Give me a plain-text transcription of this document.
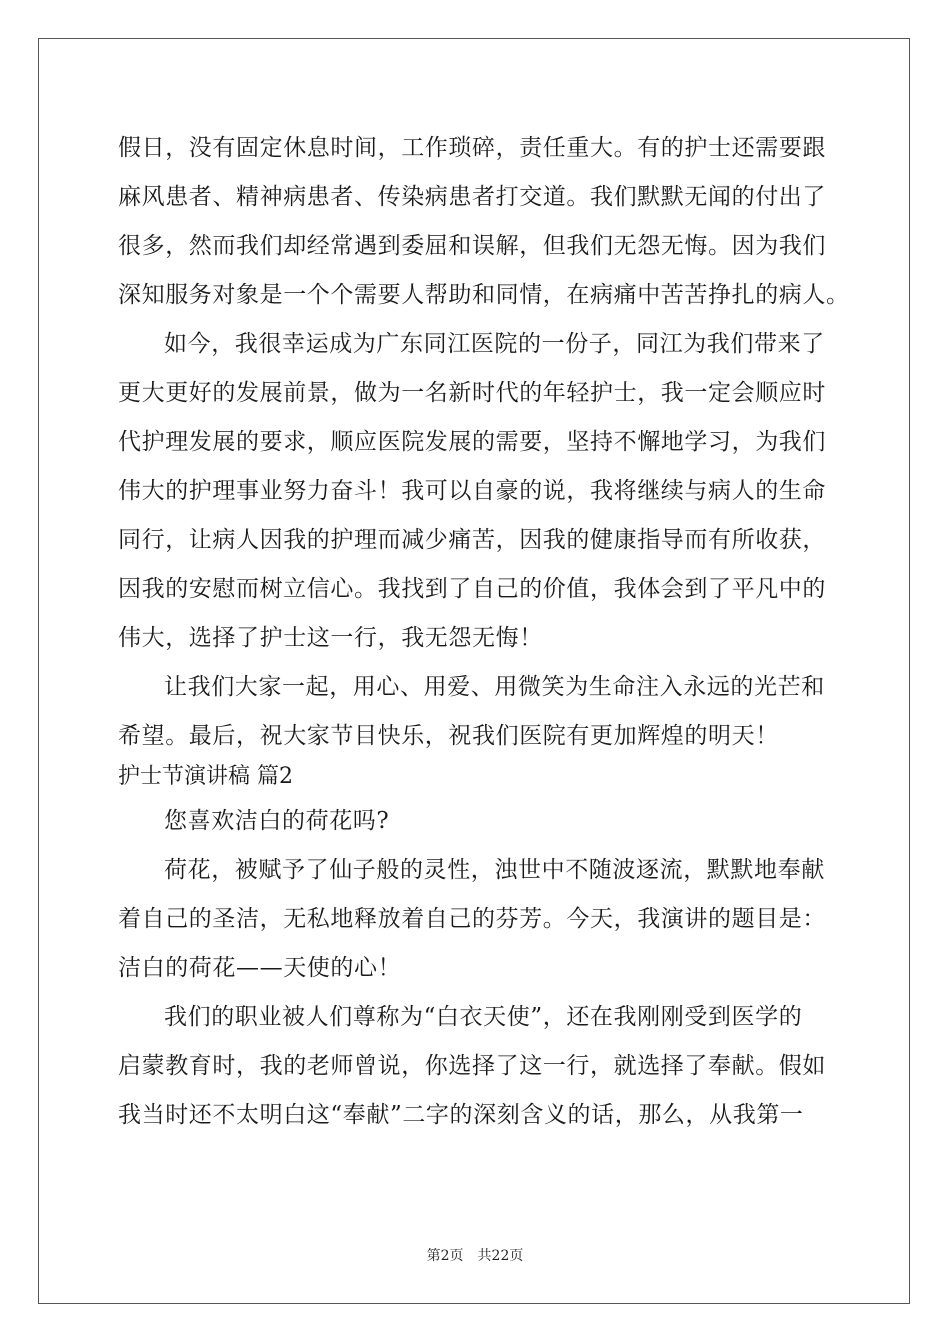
假日，没有固定休息时间，工作琐碎，责任重大。有的护士还需要跟
麻风患者、精神病患者、传染病患者打交道。我们默默无闻的付出了
很多，然而我们却经常遇到委屈和误解，但我们无怨无悔。因为我们
深知服务对象是一个个需要人帮助和同情，在病痛中苦苦挣扎的病人。
如今，我很幸运成为广东同江医院的一份子，同江为我们带来了
更大更好的发展前景，做为一名新时代的年轻护士，我一定会顺应时
代护理发展的要求，顺应医院发展的需要，坚持不懈地学习，为我们
伟大的护理事业努力奋斗！我可以自豪的说，我将继续与病人的生命
同行，让病人因我的护理而减少痛苦，因我的健康指导而有所收获，
因我的安慰而树立信心。我找到了自己的价值，我体会到了平凡中的
伟大，选择了护士这一行，我无怨无悔！
让我们大家一起，用心、用爱、用微笑为生命注入永远的光芒和
希望。最后，祝大家节目快乐，祝我们医院有更加辉煌的明天！
护士节演讲稿 篇2
您喜欢洁白的荷花吗?
荷花，被赋予了仙子般的灵性，浊世中不随波逐流，默默地奉献
着自己的圣洁，无私地释放着自己的芬芳。今天，我演讲的题目是：
洁白的荷花——天使的心！
我们的职业被人们尊称为“白衣天使”，还在我刚刚受到医学的
启蒙教育时，我的老师曾说，你选择了这一行，就选择了奉献。假如
我当时还不太明白这“奉献”二字的深刻含义的话，那么，从我第一
第2页　共22页
